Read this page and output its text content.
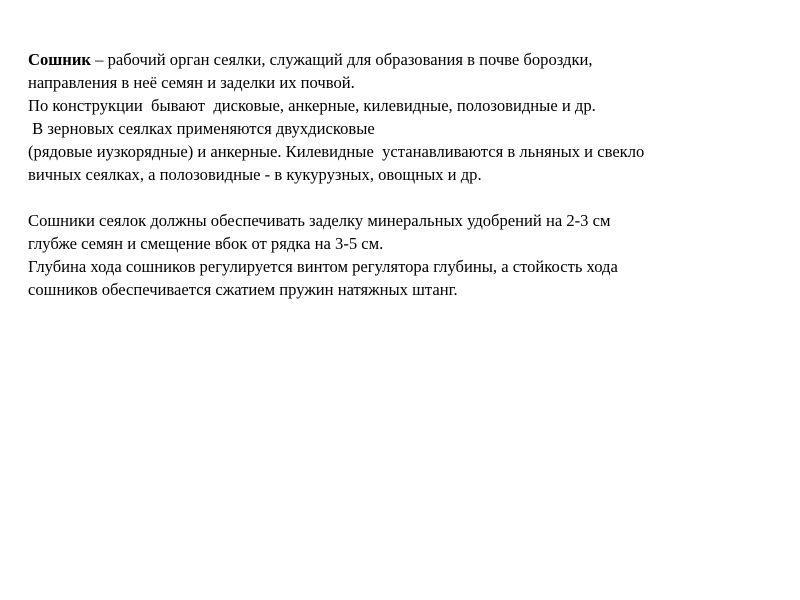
Сошник – рабочий орган сеялки, служащий для образования в почве бороздки,
направления в неё семян и заделки их почвой.
По конструкции  бывают  дисковые, анкерные, килевидные, полозовидные и др.
В зерновых сеялках применяются двухдисковые
(рядовые иузкорядные) и анкерные. Килевидные  устанавливаются в льняных и свекло
вичных сеялках, а полозовидные - в кукурузных, овощных и др.
Сошники сеялок должны обеспечивать заделку минеральных удобрений на 2-3 см
глубже семян и смещение вбок от рядка на 3-5 см.
Глубина хода сошников регулируется винтом регулятора глубины, а стойкость хода
сошников обеспечивается сжатием пружин натяжных штанг.
